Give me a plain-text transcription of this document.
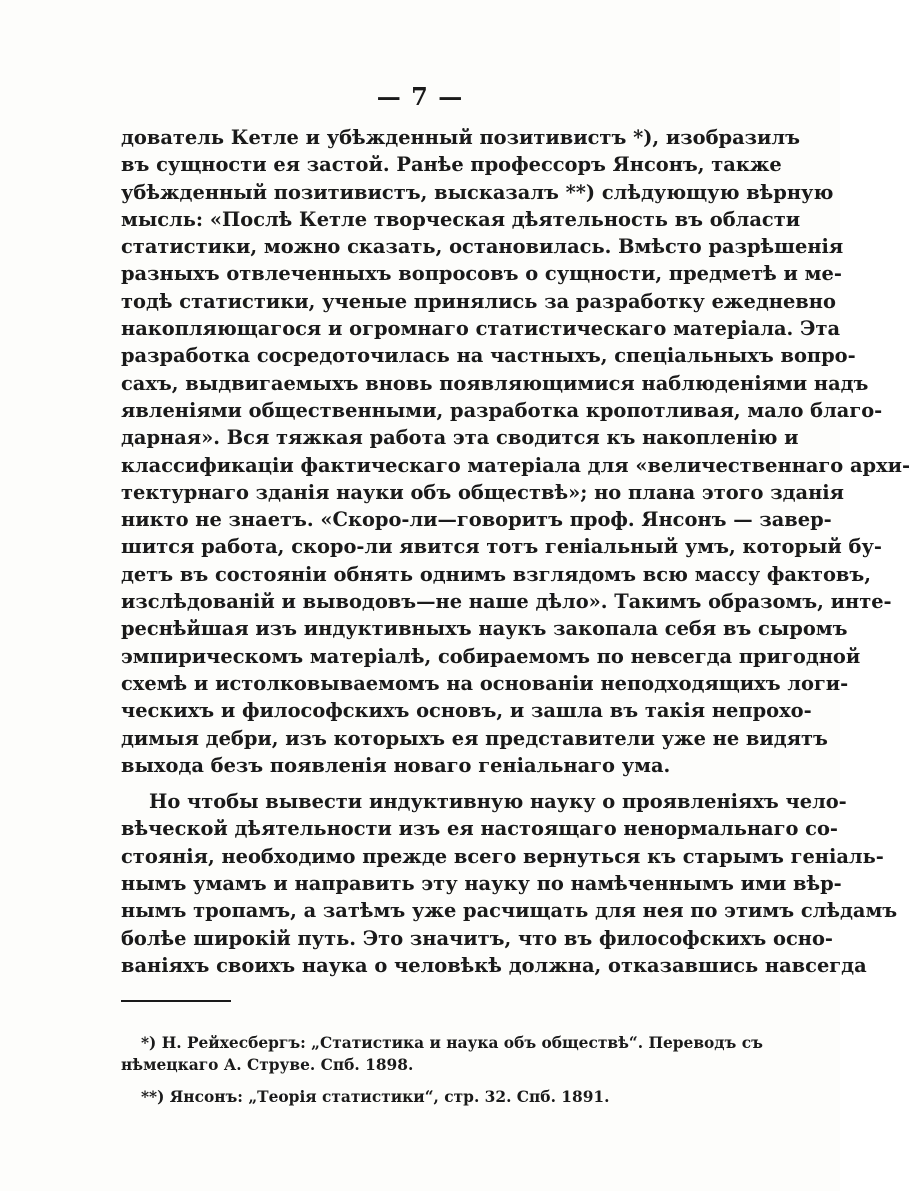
— 7 —
дователь Кетле и убѣжденный позитивистъ *), изобразилъ
въ сущности ея застой. Ранѣе профессоръ Янсонъ, также
убѣжденный позитивистъ, высказалъ **) слѣдующую вѣрную
мысль: «Послѣ Кетле творческая дѣятельность въ области
статистики, можно сказать, остановилась. Вмѣсто разрѣшенія
разныхъ отвлеченныхъ вопросовъ о сущности, предметѣ и ме-
тодѣ статистики, ученые принялись за разработку ежедневно
накопляющагося и огромнаго статистическаго матеріала. Эта
разработка сосредоточилась на частныхъ, спеціальныхъ вопро-
сахъ, выдвигаемыхъ вновь появляющимися наблюденіями надъ
явленіями общественными, разработка кропотливая, мало благо-
дарная». Вся тяжкая работа эта сводится къ накопленію и
классификаціи фактическаго матеріала для «величественнаго архи-
тектурнаго зданія науки объ обществѣ»; но плана этого зданія
никто не знаетъ. «Скоро-ли—говоритъ проф. Янсонъ — завер-
шится работа, скоро-ли явится тотъ геніальный умъ, который бу-
детъ въ состояніи обнять однимъ взглядомъ всю массу фактовъ,
изслѣдованій и выводовъ—не наше дѣло». Такимъ образомъ, инте-
реснѣйшая изъ индуктивныхъ наукъ закопала себя въ сыромъ
эмпирическомъ матеріалѣ, собираемомъ по невсегда пригодной
схемѣ и истолковываемомъ на основаніи неподходящихъ логи-
ческихъ и философскихъ основъ, и зашла въ такія непрохо-
димыя дебри, изъ которыхъ ея представители уже не видятъ
выхода безъ появленія новаго геніальнаго ума.
Но чтобы вывести индуктивную науку о проявленіяхъ чело-
вѣческой дѣятельности изъ ея настоящаго ненормальнаго со-
стоянія, необходимо прежде всего вернуться къ старымъ геніаль-
нымъ умамъ и направить эту науку по намѣченнымъ ими вѣр-
нымъ тропамъ, а затѣмъ уже расчищать для нея по этимъ слѣдамъ
болѣе широкій путь. Это значитъ, что въ философскихъ осно-
ваніяхъ своихъ наука о человѣкѣ должна, отказавшись навсегда
*) Н. Рейхесбергъ: „Статистика и наука объ обществѣ“. Переводъ съ
нѣмецкаго А. Струве. Спб. 1898.
**) Янсонъ: „Теорія статистики“, стр. 32. Спб. 1891.
